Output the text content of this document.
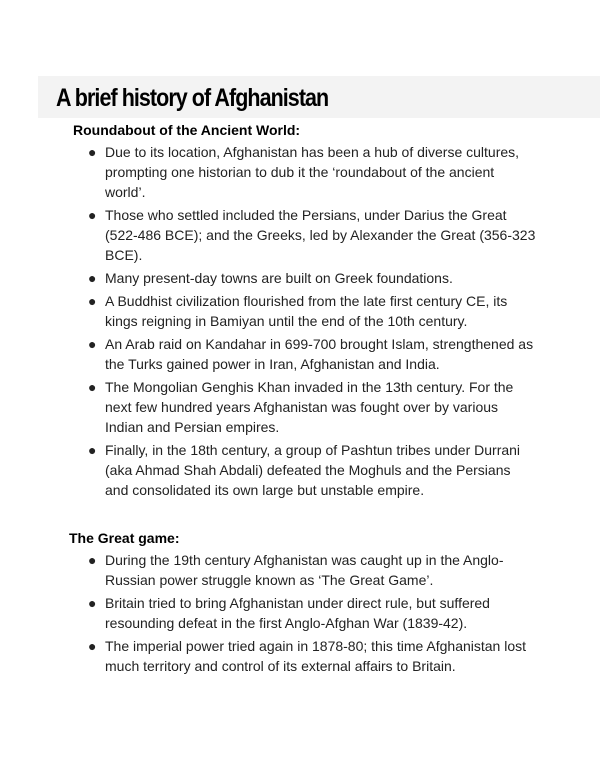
A brief history of Afghanistan
Roundabout of the Ancient World:
● Due to its location, Afghanistan has been a hub of diverse cultures, prompting one historian to dub it the ‘roundabout of the ancient world’.
● Those who settled included the Persians, under Darius the Great (522-486 BCE); and the Greeks, led by Alexander the Great (356-323 BCE).
● Many present-day towns are built on Greek foundations.
● A Buddhist civilization flourished from the late first century CE, its kings reigning in Bamiyan until the end of the 10th century.
● An Arab raid on Kandahar in 699-700 brought Islam, strengthened as the Turks gained power in Iran, Afghanistan and India.
● The Mongolian Genghis Khan invaded in the 13th century. For the next few hundred years Afghanistan was fought over by various Indian and Persian empires.
● Finally, in the 18th century, a group of Pashtun tribes under Durrani (aka Ahmad Shah Abdali) defeated the Moghuls and the Persians and consolidated its own large but unstable empire.
The Great game:
● During the 19th century Afghanistan was caught up in the Anglo-Russian power struggle known as ‘The Great Game’.
● Britain tried to bring Afghanistan under direct rule, but suffered resounding defeat in the first Anglo-Afghan War (1839-42).
● The imperial power tried again in 1878-80; this time Afghanistan lost much territory and control of its external affairs to Britain.
